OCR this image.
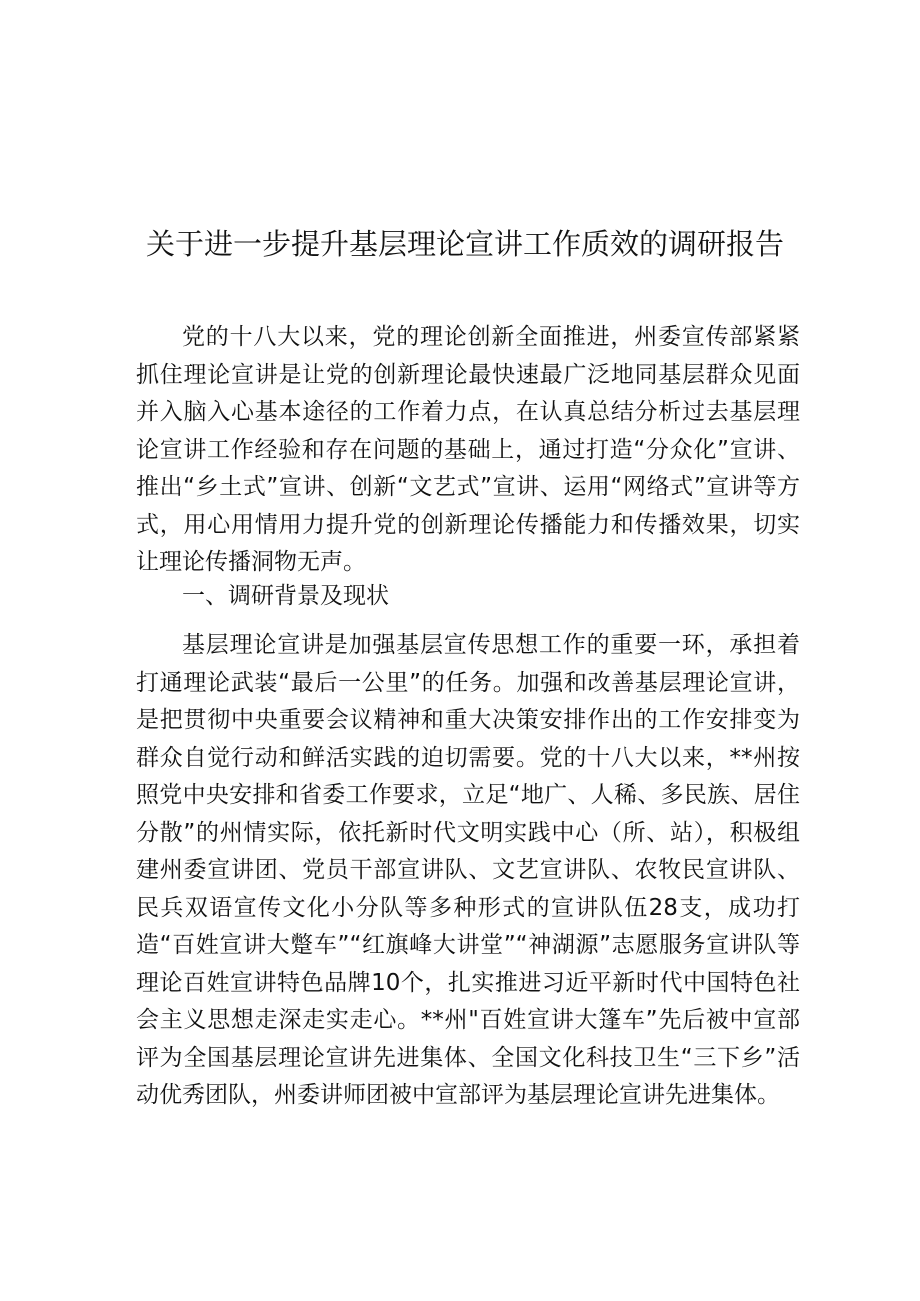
关于进一步提升基层理论宣讲工作质效的调研报告

党的十八大以来，党的理论创新全面推进，州委宣传部紧紧抓住理论宣讲是让党的创新理论最快速最广泛地同基层群众见面并入脑入心基本途径的工作着力点，在认真总结分析过去基层理论宣讲工作经验和存在问题的基础上，通过打造“分众化”宣讲、推出“乡土式”宣讲、创新“文艺式”宣讲、运用“网络式”宣讲等方式，用心用情用力提升党的创新理论传播能力和传播效果，切实让理论传播洞物无声。

一、调研背景及现状

基层理论宣讲是加强基层宣传思想工作的重要一环，承担着打通理论武装“最后一公里”的任务。加强和改善基层理论宣讲，是把贯彻中央重要会议精神和重大决策安排作出的工作安排变为群众自觉行动和鲜活实践的迫切需要。党的十八大以来，**州按照党中央安排和省委工作要求，立足“地广、人稀、多民族、居住分散”的州情实际，依托新时代文明实践中心（所、站），积极组建州委宣讲团、党员干部宣讲队、文艺宣讲队、农牧民宣讲队、民兵双语宣传文化小分队等多种形式的宣讲队伍28支，成功打造“百姓宣讲大蹩车”“红旗峰大讲堂”“神湖源”志愿服务宣讲队等理论百姓宣讲特色品牌10个，扎实推进习近平新时代中国特色社会主义思想走深走实走心。**州"百姓宣讲大篷车”先后被中宣部评为全国基层理论宣讲先进集体、全国文化科技卫生“三下乡”活动优秀团队，州委讲师团被中宣部评为基层理论宣讲先进集体。
